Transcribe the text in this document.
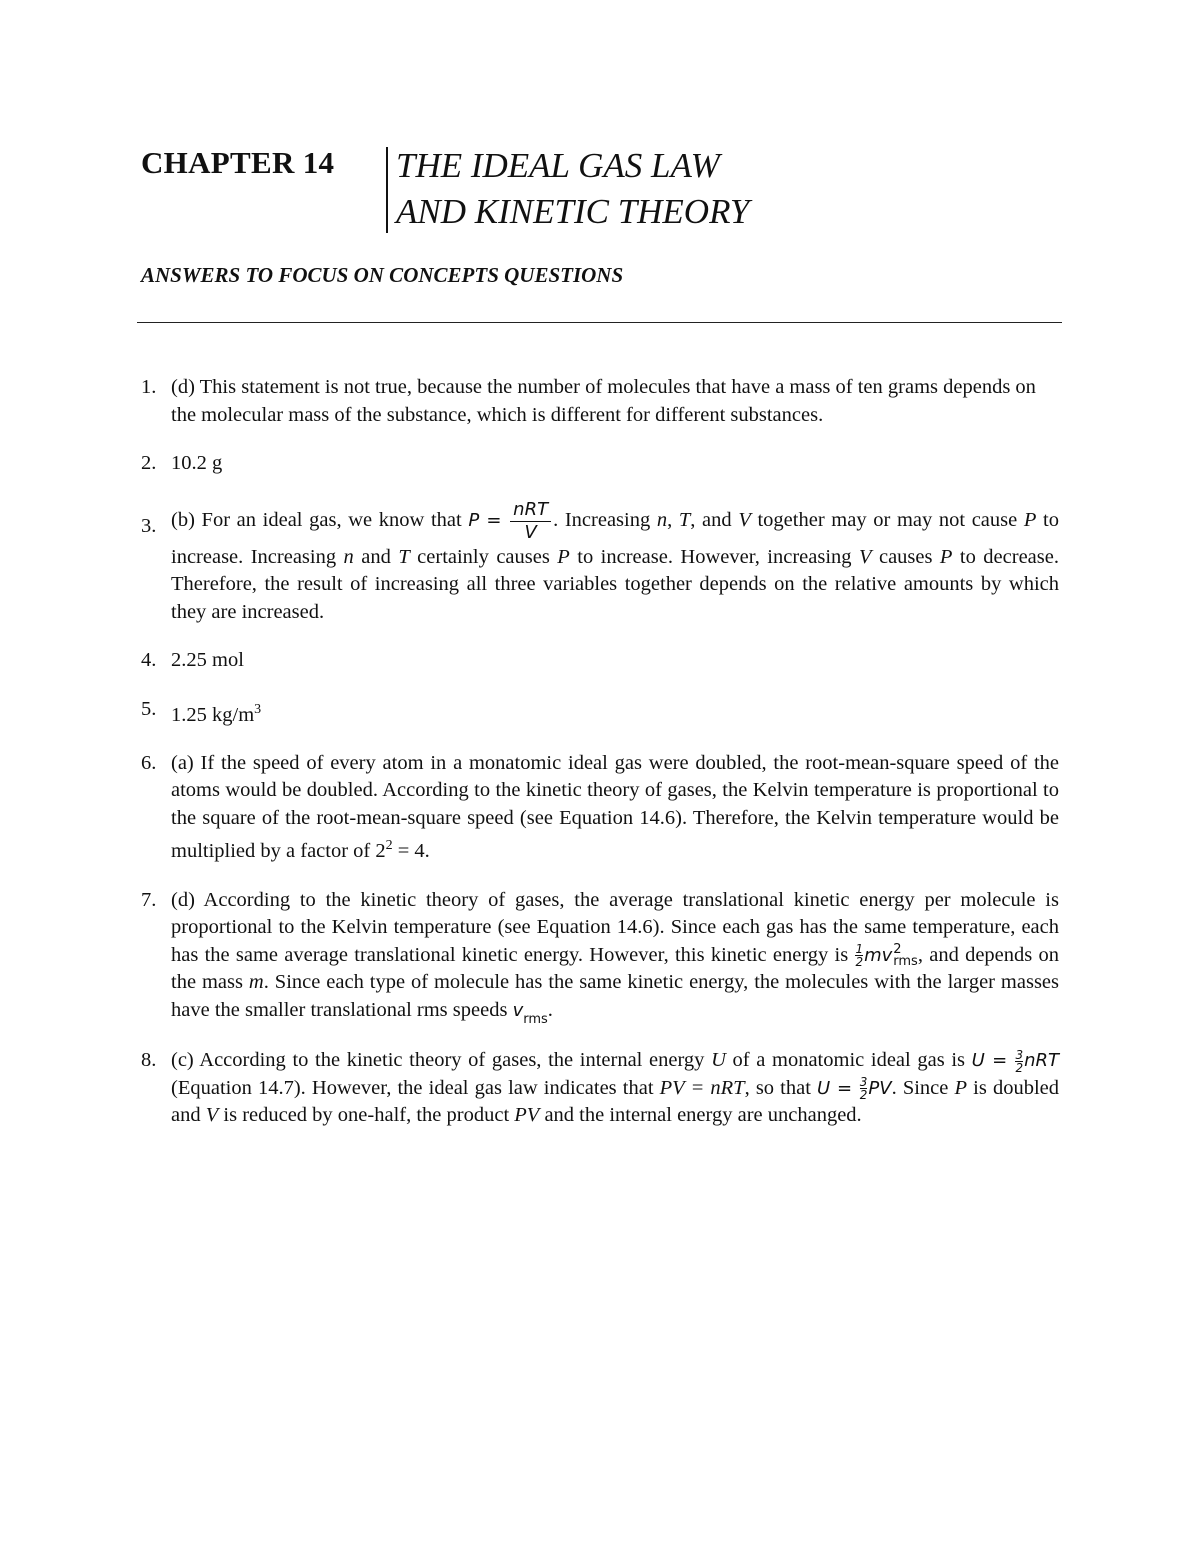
CHAPTER 14 THE IDEAL GAS LAW
AND KINETIC THEORY
ANSWERS TO FOCUS ON CONCEPTS QUESTIONS
1. (d) This statement is not true, because the number of molecules that have a mass of ten grams depends on the molecular mass of the substance, which is different for different substances.
2. 10.2 g
3. (b) For an ideal gas, we know that $P = \frac{\text{nRT}}{V}$ . Increasing n, T, and V together may or may not cause P to increase. Increasing n and T certainly causes P to increase. However, increasing V causes P to decrease. Therefore, the result of increasing all three variables together depends on the relative amounts by which they are increased.
4. 2.25 mol
5. 1.25 $kg/m^3$
6. (a) If the speed of every atom in a monatomic ideal gas were doubled, the root-mean-square speed of the atoms would be doubled. According to the kinetic theory of gases, the Kelvin temperature is proportional to the square of the root-mean-square speed (see Equation 14.6). Therefore, the Kelvin temperature would be multiplied by a factor of $2^2 = 4$.
7. (d) According to the kinetic theory of gases, the average translational kinetic energy per molecule is proportional to the Kelvin temperature (see Equation 14.6). Since each gas has the same temperature, each has the same average translational kinetic energy. However, this kinetic energy is $\frac{1}{2}$ mv 2
rms , and depends on the mass m. Since each type of molecule has the same kinetic energy, the molecules with the larger masses have the smaller translational rms speeds $v_{rms}$.
8. (c) According to the kinetic theory of gases, the internal energy U of a monatomic ideal gas is $U = \frac{3}{2}$ nRT (Equation 14.7). However, the ideal gas law indicates that PV = nRT, so that $U = \frac{3}{2}$ PV. Since P is doubled and V is reduced by one-half, the product PV and the internal energy are unchanged.
